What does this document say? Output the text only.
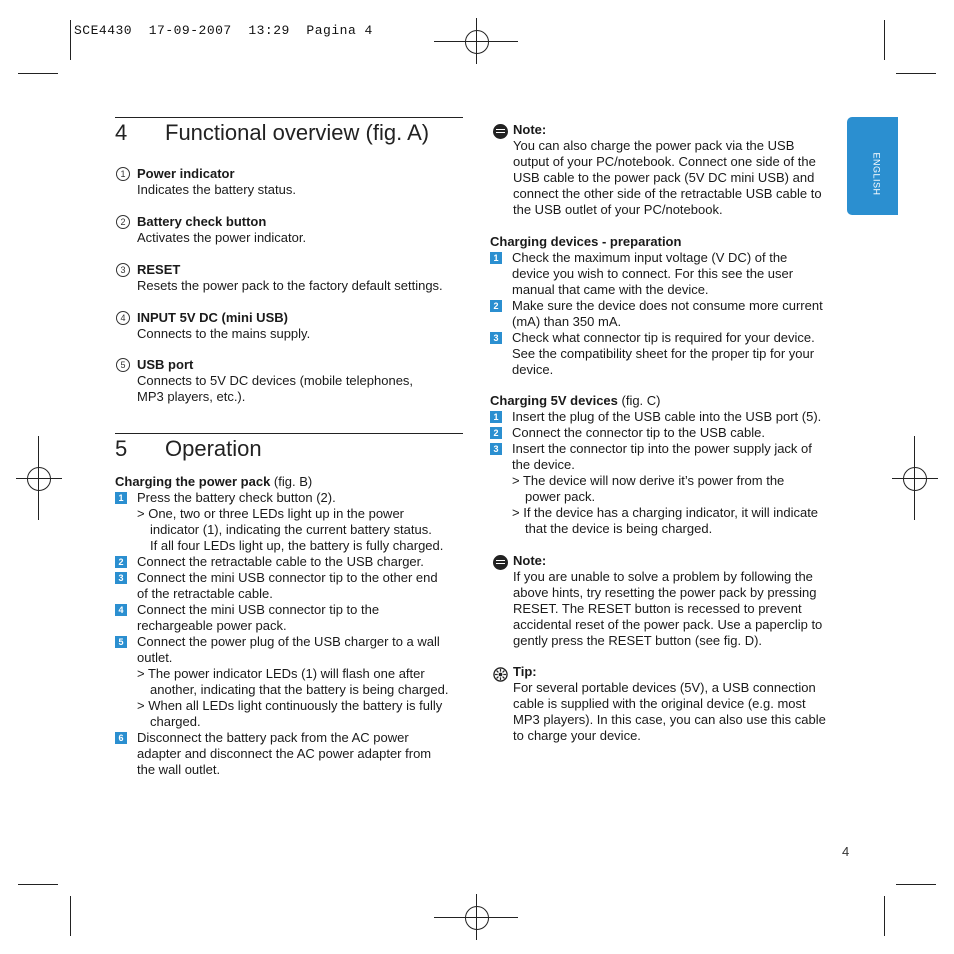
SCE4430  17-09-2007  13:29  Pagina 4
ENGLISH
4 Functional overview (fig. A)
1 Power indicator
Indicates the battery status.
2 Battery check button
Activates the power indicator.
3 RESET
Resets the power pack to the factory default settings.
4 INPUT 5V DC (mini USB)
Connects to the mains supply.
5 USB port
Connects to 5V DC devices (mobile telephones,
MP3 players, etc.).
5 Operation
Charging the power pack (fig. B)
1 Press the battery check button (2).
> One, two or three LEDs light up in the power
indicator (1), indicating the current battery status.
If all four LEDs light up, the battery is fully charged.
2 Connect the retractable cable to the USB charger.
3 Connect the mini USB connector tip to the other end
of the retractable cable.
4 Connect the mini USB connector tip to the
rechargeable power pack.
5 Connect the power plug of the USB charger to a wall
outlet.
> The power indicator LEDs (1) will flash one after
another, indicating that the battery is being charged.
> When all LEDs light continuously the battery is fully
charged.
6 Disconnect the battery pack from the AC power
adapter and disconnect the AC power adapter from
the wall outlet.
Note:
You can also charge the power pack via the USB
output of your PC/notebook. Connect one side of the
USB cable to the power pack (5V DC mini USB) and
connect the other side of the retractable USB cable to
the USB outlet of your PC/notebook.
Charging devices - preparation
1 Check the maximum input voltage (V DC) of the
device you wish to connect. For this see the user
manual that came with the device.
2 Make sure the device does not consume more current
(mA) than 350 mA.
3 Check what connector tip is required for your device.
See the compatibility sheet for the proper tip for your
device.
Charging 5V devices (fig. C)
1 Insert the plug of the USB cable into the USB port (5).
2 Connect the connector tip to the USB cable.
3 Insert the connector tip into the power supply jack of
the device.
> The device will now derive it’s power from the
power pack.
> If the device has a charging indicator, it will indicate
that the device is being charged.
Note:
If you are unable to solve a problem by following the
above hints, try resetting the power pack by pressing
RESET. The RESET button is recessed to prevent
accidental reset of the power pack. Use a paperclip to
gently press the RESET button (see fig. D).
Tip:
For several portable devices (5V), a USB connection
cable is supplied with the original device (e.g. most
MP3 players). In this case, you can also use this cable
to charge your device.
4
